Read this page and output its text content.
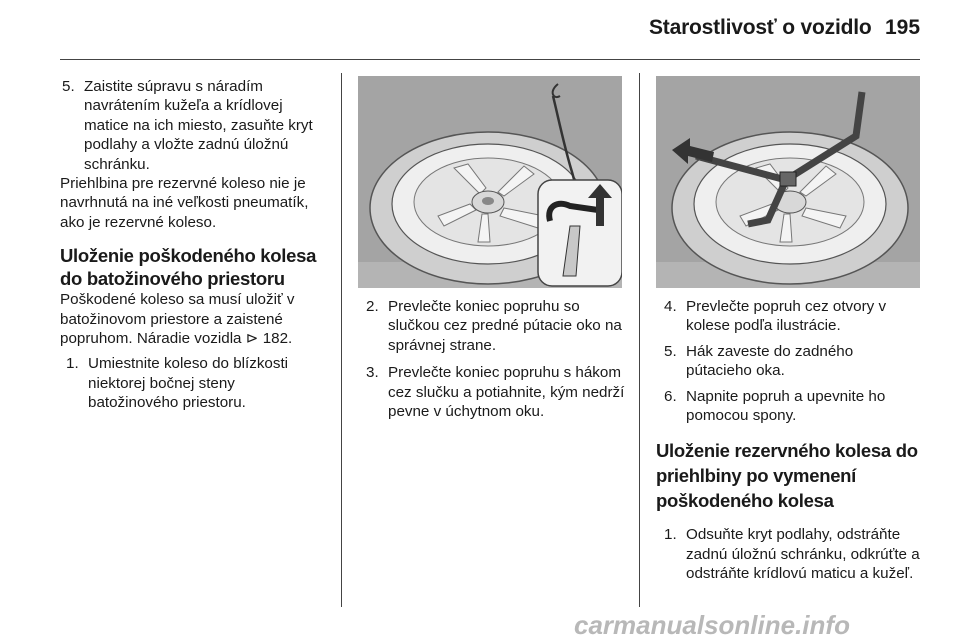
Starostlivosť o vozidlo 195

5. Zaistite súpravu s náradím navrátením kužeľa a krídlovej matice na ich miesto, zasuňte kryt podlahy a vložte zadnú úložnú schránku.

Priehlbina pre rezervné koleso nie je navrhnutá na iné veľkosti pneumatík, ako je rezervné koleso.

Uloženie poškodeného kolesa do batožinového priestoru

Poškodené koleso sa musí uložiť v batožinovom priestore a zaistené popruhom. Náradie vozidla ⊳ 182.

1. Umiestnite koleso do blízkosti niektorej bočnej steny batožinového priestoru.

2. Prevlečte koniec popruhu so slučkou cez predné pútacie oko na správnej strane.

3. Prevlečte koniec popruhu s hákom cez slučku a potiahnite, kým nedrží pevne v úchytnom oku.

4. Prevlečte popruh cez otvory v kolese podľa ilustrácie.

5. Hák zaveste do zadného pútacieho oka.

6. Napnite popruh a upevnite ho pomocou spony.

Uloženie rezervného kolesa do priehlbiny po vymenení poškodeného kolesa

1. Odsuňte kryt podlahy, odstráňte zadnú úložnú schránku, odkrúťte a odstráňte krídlovú maticu a kužeľ.

carmanualsonline.info
